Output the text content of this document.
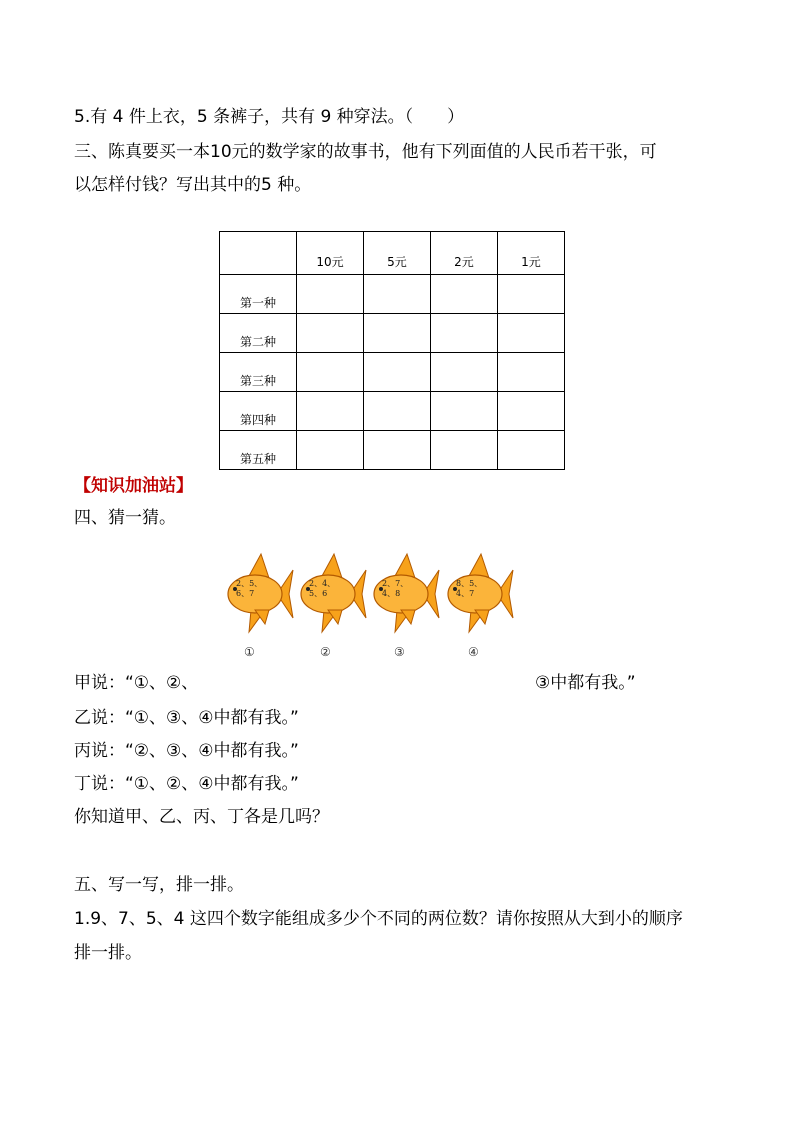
5.有 4 件上衣，5 条裤子，共有 9 种穿法。（　　）
三、陈真要买一本10元的数学家的故事书，他有下列面值的人民币若干张，可
以怎样付钱？写出其中的5 种。
	10元	5元	2元	1元
第一种				
第二种				
第三种				
第四种				
第五种				
【知识加油站】
四、猜一猜。
2、5、
6、7
2、4、
5、6
2、7、
4、8
8、5、
4、7
①	②	③	④
甲说：“①、②、	③中都有我。”
乙说：“①、③、④中都有我。”
丙说：“②、③、④中都有我。”
丁说：“①、②、④中都有我。”
你知道甲、乙、丙、丁各是几吗？
五、写一写，排一排。
1.9、7、5、4 这四个数字能组成多少个不同的两位数？请你按照从大到小的顺序
排一排。
